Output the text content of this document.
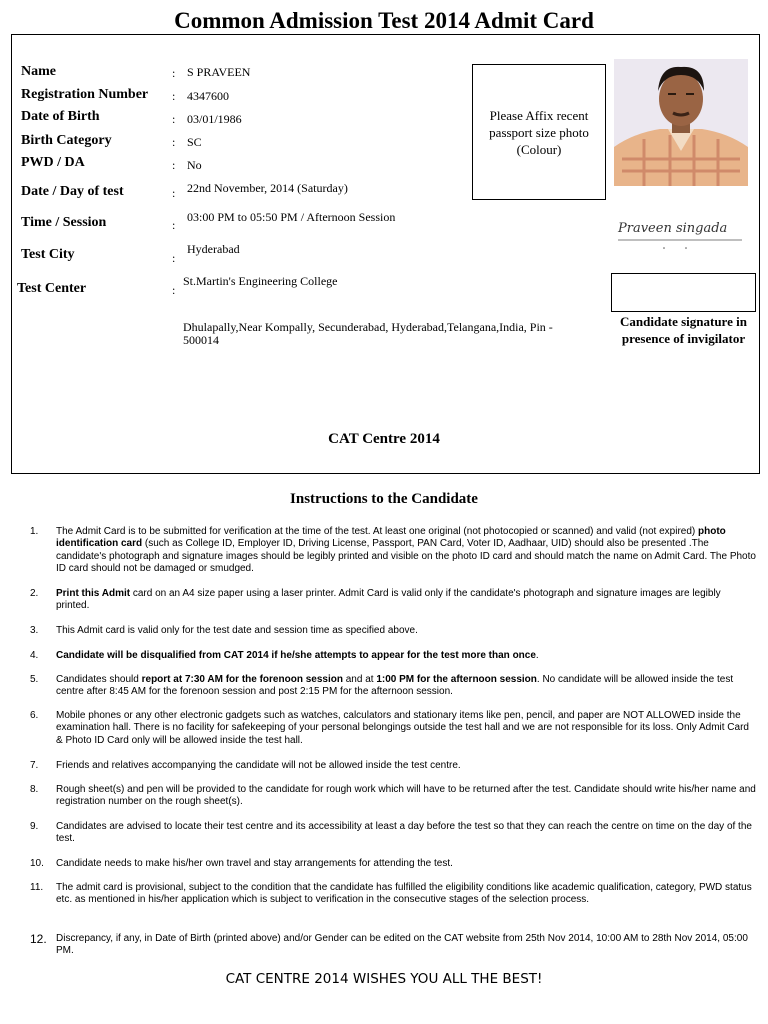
Common Admission Test 2014 Admit Card
Name	: S PRAVEEN
Registration Number : 4347600
Date of Birth	: 03/01/1986
Birth Category	: SC
PWD / DA	: No
Date / Day of test	: 22nd November, 2014 (Saturday)
Time / Session	:
03:00 PM to 05:50 PM / Afternoon Session
Test City	:
Hyderabad
Test Center	:
St.Martin's Engineering College
Dhulapally,Near Kompally, Secunderabad, Hyderabad,Telangana,India, Pin -
500014
Please Affix recent passport size photo (Colour)
Praveen singada
Candidate signature in presence of invigilator
CAT Centre 2014
Instructions to the Candidate
1.	The Admit Card is to be submitted for verification at the time of the test. At least one original (not photocopied or scanned) and valid (not expired) photo identification card (such as College ID, Employer ID, Driving License, Passport, PAN Card, Voter ID, Aadhaar, UID) should also be presented .The candidate's photograph and signature images should be legibly printed and visible on the photo ID card and should match the name on Admit Card. The Photo ID card should not be damaged or smudged.
2.	Print this Admit card on an A4 size paper using a laser printer. Admit Card is valid only if the candidate's photograph and signature images are legibly printed.
3.	This Admit card is valid only for the test date and session time as specified above.
4.	Candidate will be disqualified from CAT 2014 if he/she attempts to appear for the test more than once.
5.	Candidates should report at 7:30 AM for the forenoon session and at 1:00 PM for the afternoon session. No candidate will be allowed inside the test centre after 8:45 AM for the forenoon session and post 2:15 PM for the afternoon session.
6.	Mobile phones or any other electronic gadgets such as watches, calculators and stationary items like pen, pencil, and paper are NOT ALLOWED inside the examination hall. There is no facility for safekeeping of your personal belongings outside the test hall and we are not responsible for its loss. Only Admit Card & Photo ID Card only will be allowed inside the test hall.
7.	Friends and relatives accompanying the candidate will not be allowed inside the test centre.
8.	Rough sheet(s) and pen will be provided to the candidate for rough work which will have to be returned after the test. Candidate should write his/her name and registration number on the rough sheet(s).
9.	Candidates are advised to locate their test centre and its accessibility at least a day before the test so that they can reach the centre on time on the day of the test.
10.	Candidate needs to make his/her own travel and stay arrangements for attending the test.
11.	The admit card is provisional, subject to the condition that the candidate has fulfilled the eligibility conditions like academic qualification, category, PWD status etc. as mentioned in his/her application which is subject to verification in the consecutive stages of the selection process.
12. Discrepancy, if any, in Date of Birth (printed above) and/or Gender can be edited on the CAT website from 25th Nov 2014, 10:00 AM to 28th Nov 2014, 05:00 PM.
CAT CENTRE 2014 WISHES YOU ALL THE BEST!
